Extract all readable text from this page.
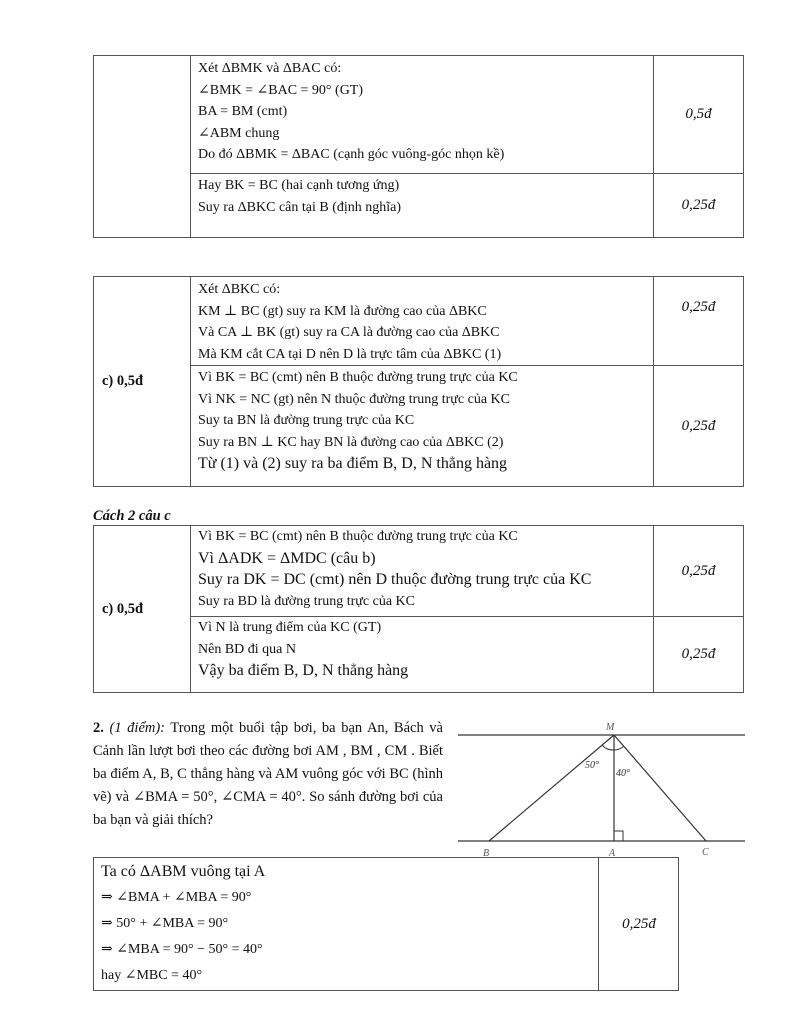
	Xét ΔBMK và ΔBAC có:
∠BMK = ∠BAC = 90° (GT)
BA = BM (cmt)
∠ABM chung
Do đó ΔBMK = ΔBAC (cạnh góc vuông-góc nhọn kề)	0,5đ

	Hay BK = BC (hai cạnh tương ứng)
Suy ra ΔBKC cân tại B (định nghĩa)	0,25đ
c) 0,5đ	Xét ΔBKC có:
KM ⊥ BC (gt) suy ra KM là đường cao của ΔBKC
Và CA ⊥ BK (gt) suy ra CA là đường cao của ΔBKC
Mà KM cắt CA tại D nên D là trực tâm của ΔBKC (1)	0,25đ

	Vì BK = BC (cmt) nên B thuộc đường trung trực của KC
Vì NK = NC (gt) nên N thuộc đường trung trực của KC
Suy ta BN là đường trung trực của KC
Suy ra BN ⊥ KC hay BN là đường cao của ΔBKC (2)
Từ (1) và (2) suy ra ba điểm B, D, N thẳng hàng	0,25đ
Cách 2 câu c
c) 0,5đ	Vì BK = BC (cmt) nên B thuộc đường trung trực của KC
Vì ΔADK = ΔMDC (câu b)
Suy ra DK = DC (cmt) nên D thuộc đường trung trực của KC
Suy ra BD là đường trung trực của KC	0,25đ

	Vì N là trung điểm của KC (GT)
Nên BD đi qua N
Vậy ba điểm B, D, N thẳng hàng	0,25đ
2. (1 điểm): Trong một buổi tập bơi, ba bạn An, Bách và Cảnh lần lượt bơi theo các đường bơi AM , BM , CM . Biết ba điểm A, B, C thẳng hàng và AM vuông góc với BC (hình vẽ) và ∠BMA = 50°, ∠CMA = 40°. So sánh đường bơi của ba bạn và giải thích?
M
50°
40°
B	A	C
Ta có ΔABM vuông tại A
⇒ ∠BMA + ∠MBA = 90°
⇒ 50° + ∠MBA = 90°
⇒ ∠MBA = 90° − 50° = 40°
hay ∠MBC = 40°
0,25đ
